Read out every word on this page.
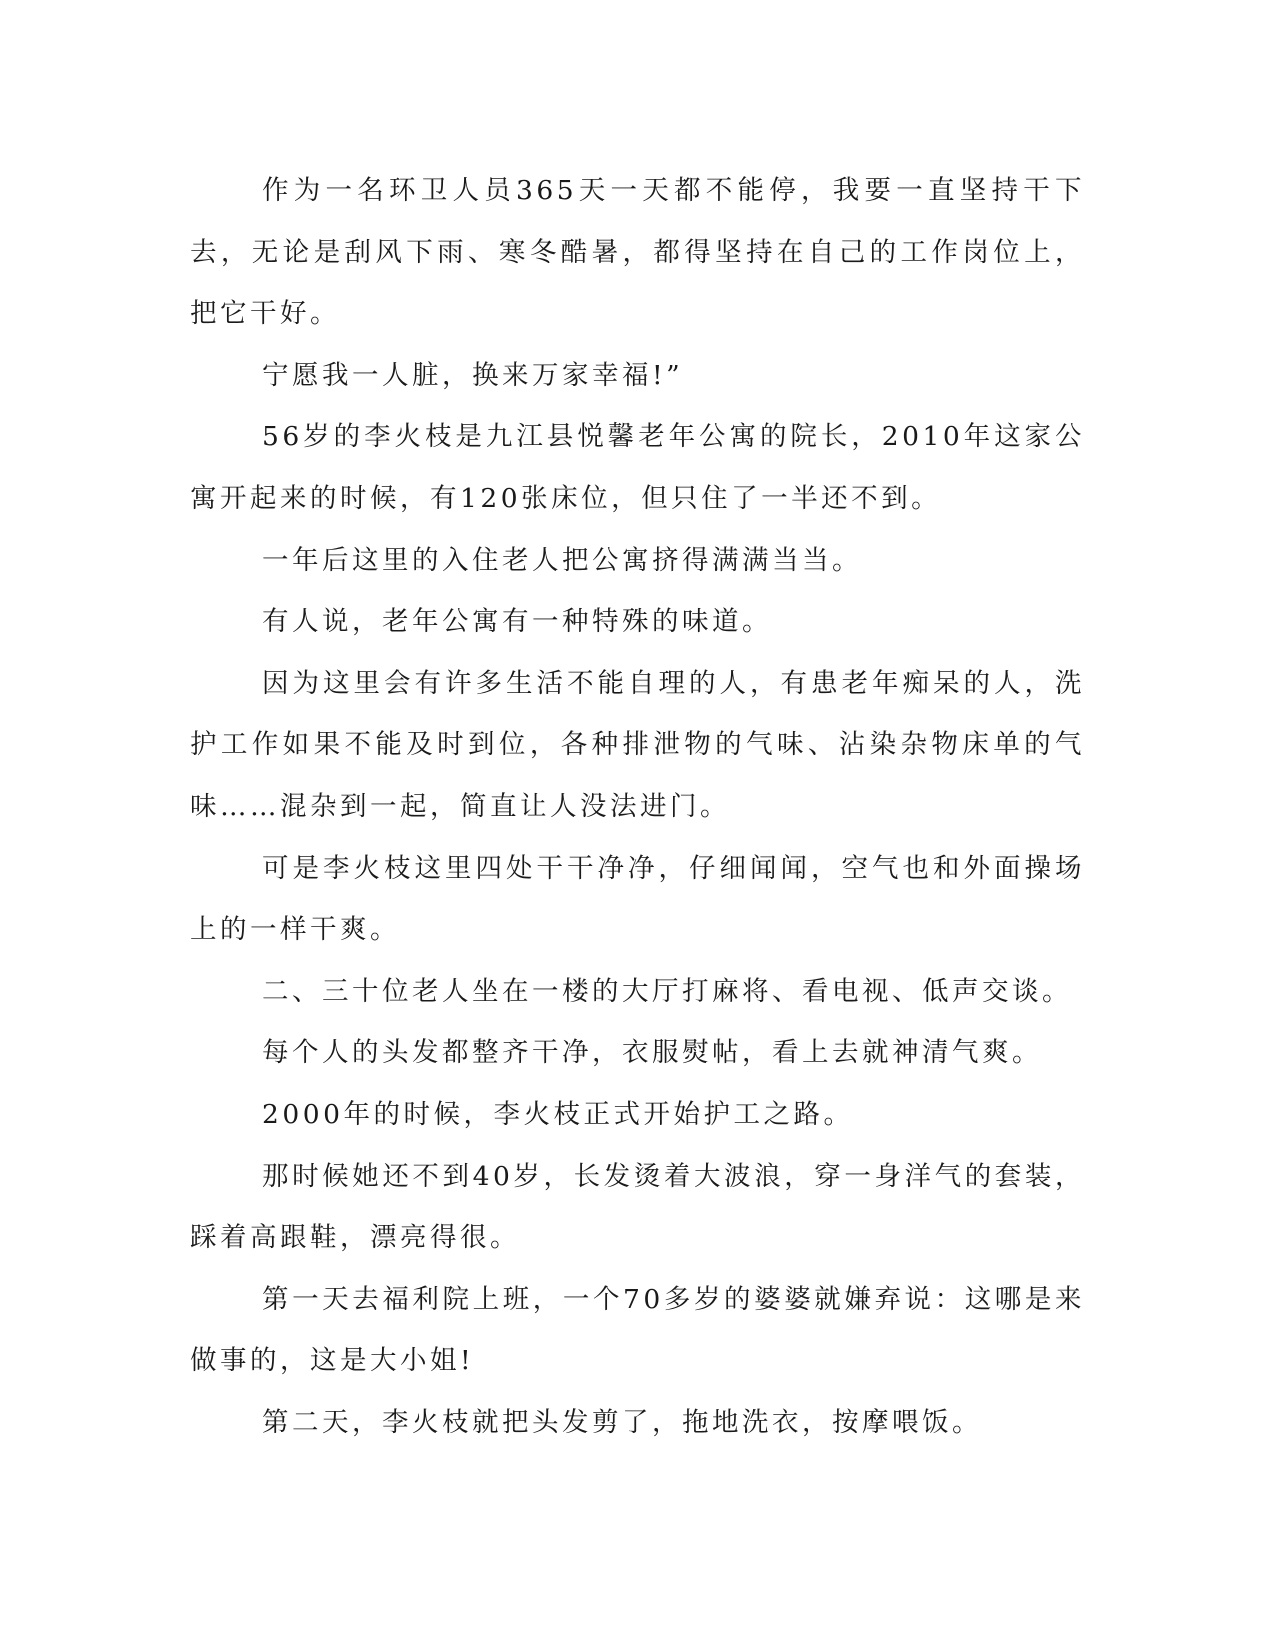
作为一名环卫人员365天一天都不能停，我要一直坚持干下去，无论是刮风下雨、寒冬酷暑，都得坚持在自己的工作岗位上，把它干好。

宁愿我一人脏，换来万家幸福!”

56岁的李火枝是九江县悦馨老年公寓的院长，2010年这家公寓开起来的时候，有120张床位，但只住了一半还不到。

一年后这里的入住老人把公寓挤得满满当当。

有人说，老年公寓有一种特殊的味道。

因为这里会有许多生活不能自理的人，有患老年痴呆的人，洗护工作如果不能及时到位，各种排泄物的气味、沾染杂物床单的气味……混杂到一起，简直让人没法进门。

可是李火枝这里四处干干净净，仔细闻闻，空气也和外面操场上的一样干爽。

二、三十位老人坐在一楼的大厅打麻将、看电视、低声交谈。

每个人的头发都整齐干净，衣服熨帖，看上去就神清气爽。

2000年的时候，李火枝正式开始护工之路。

那时候她还不到40岁，长发烫着大波浪，穿一身洋气的套装，踩着高跟鞋，漂亮得很。

第一天去福利院上班，一个70多岁的婆婆就嫌弃说：这哪是来做事的，这是大小姐!

第二天，李火枝就把头发剪了，拖地洗衣，按摩喂饭。
